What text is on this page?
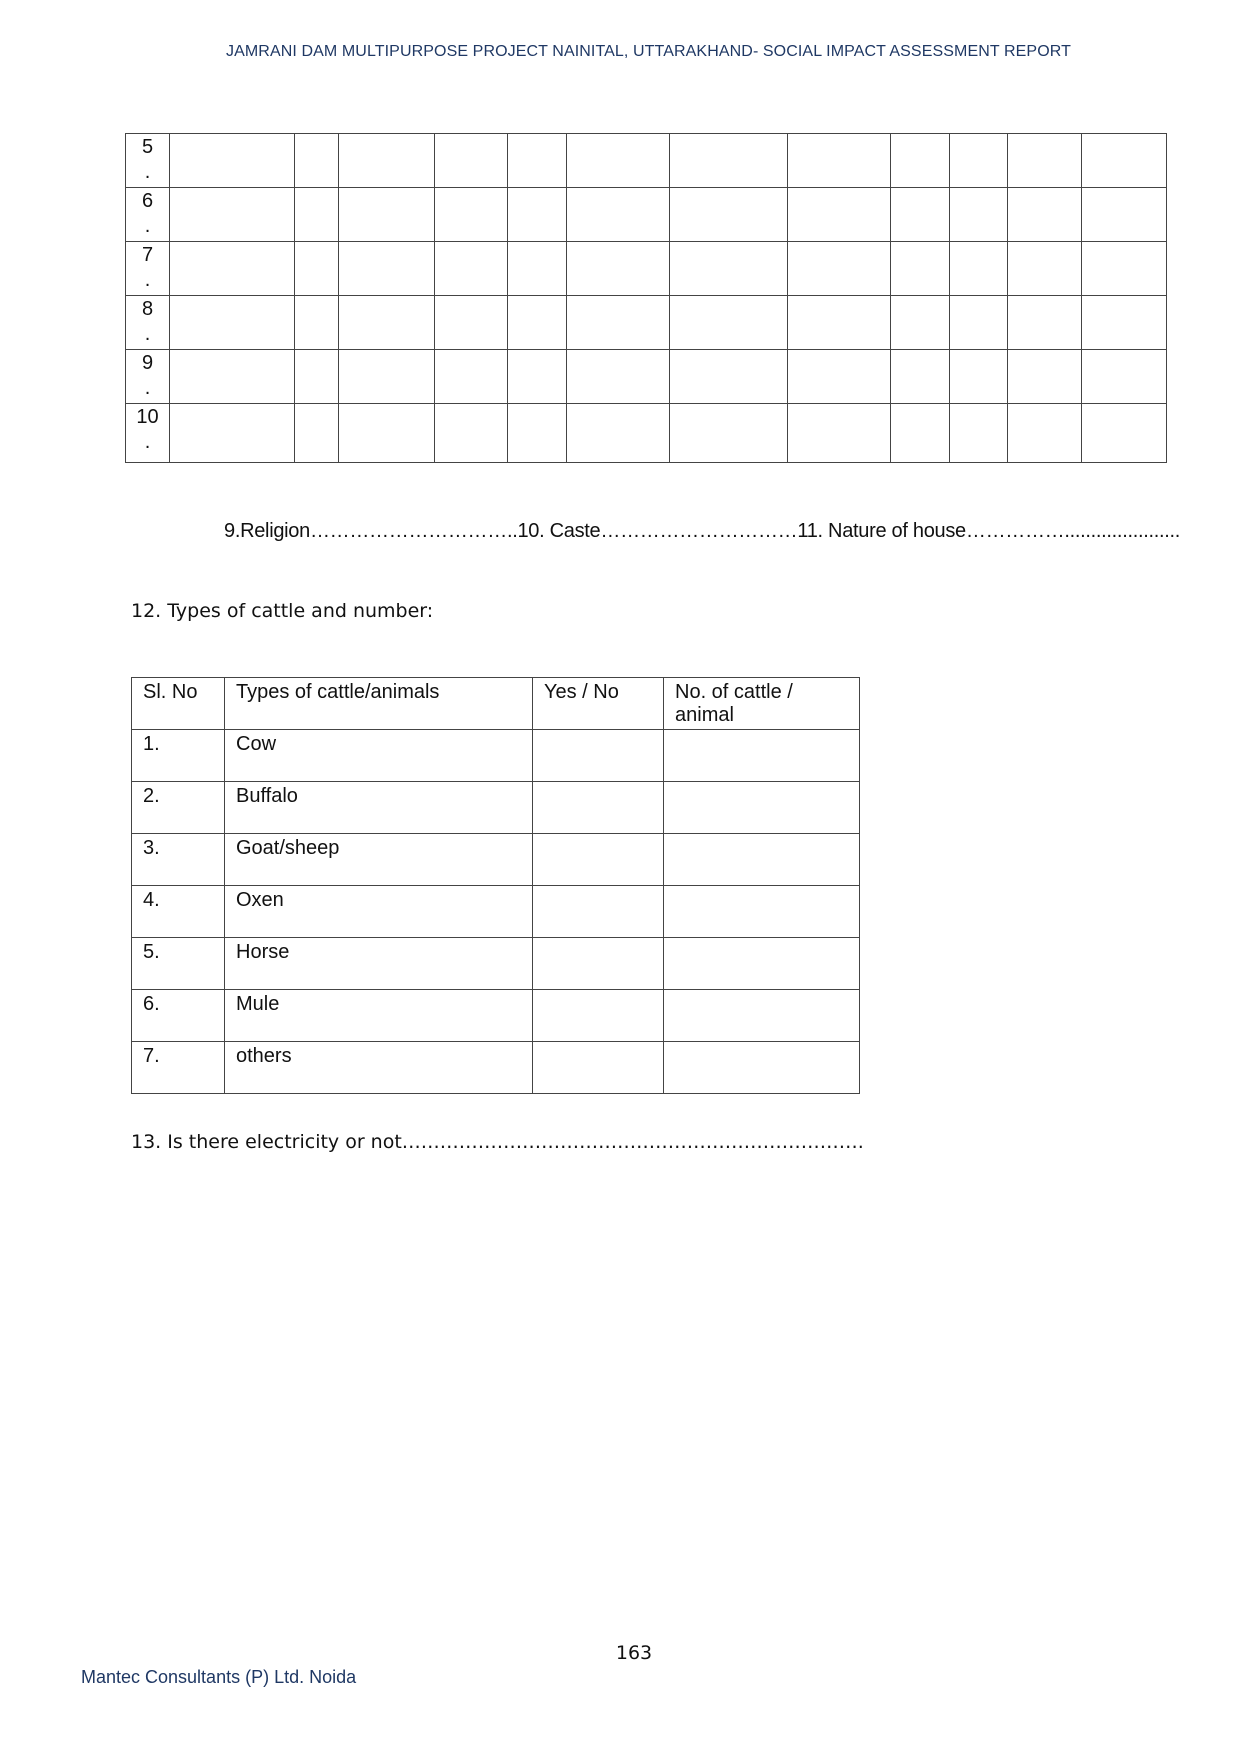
JAMRANI DAM MULTIPURPOSE PROJECT NAINITAL, UTTARAKHAND- SOCIAL IMPACT ASSESSMENT REPORT
5
.												

6
.												

7
.												

8
.												

9
.												

10
.												

9.Religion…………………………..10. Caste…………………………11. Nature of house……………......................
12. Types of cattle and number:
Sl. No	Types of cattle/animals	Yes / No	No. of cattle / animal
1.	Cow		
2.	Buffalo		
3.	Goat/sheep		
4.	Oxen		
5.	Horse		
6.	Mule		
7.	others		
13. Is there electricity or not……………………………………………………………….
163
Mantec Consultants (P) Ltd. Noida
